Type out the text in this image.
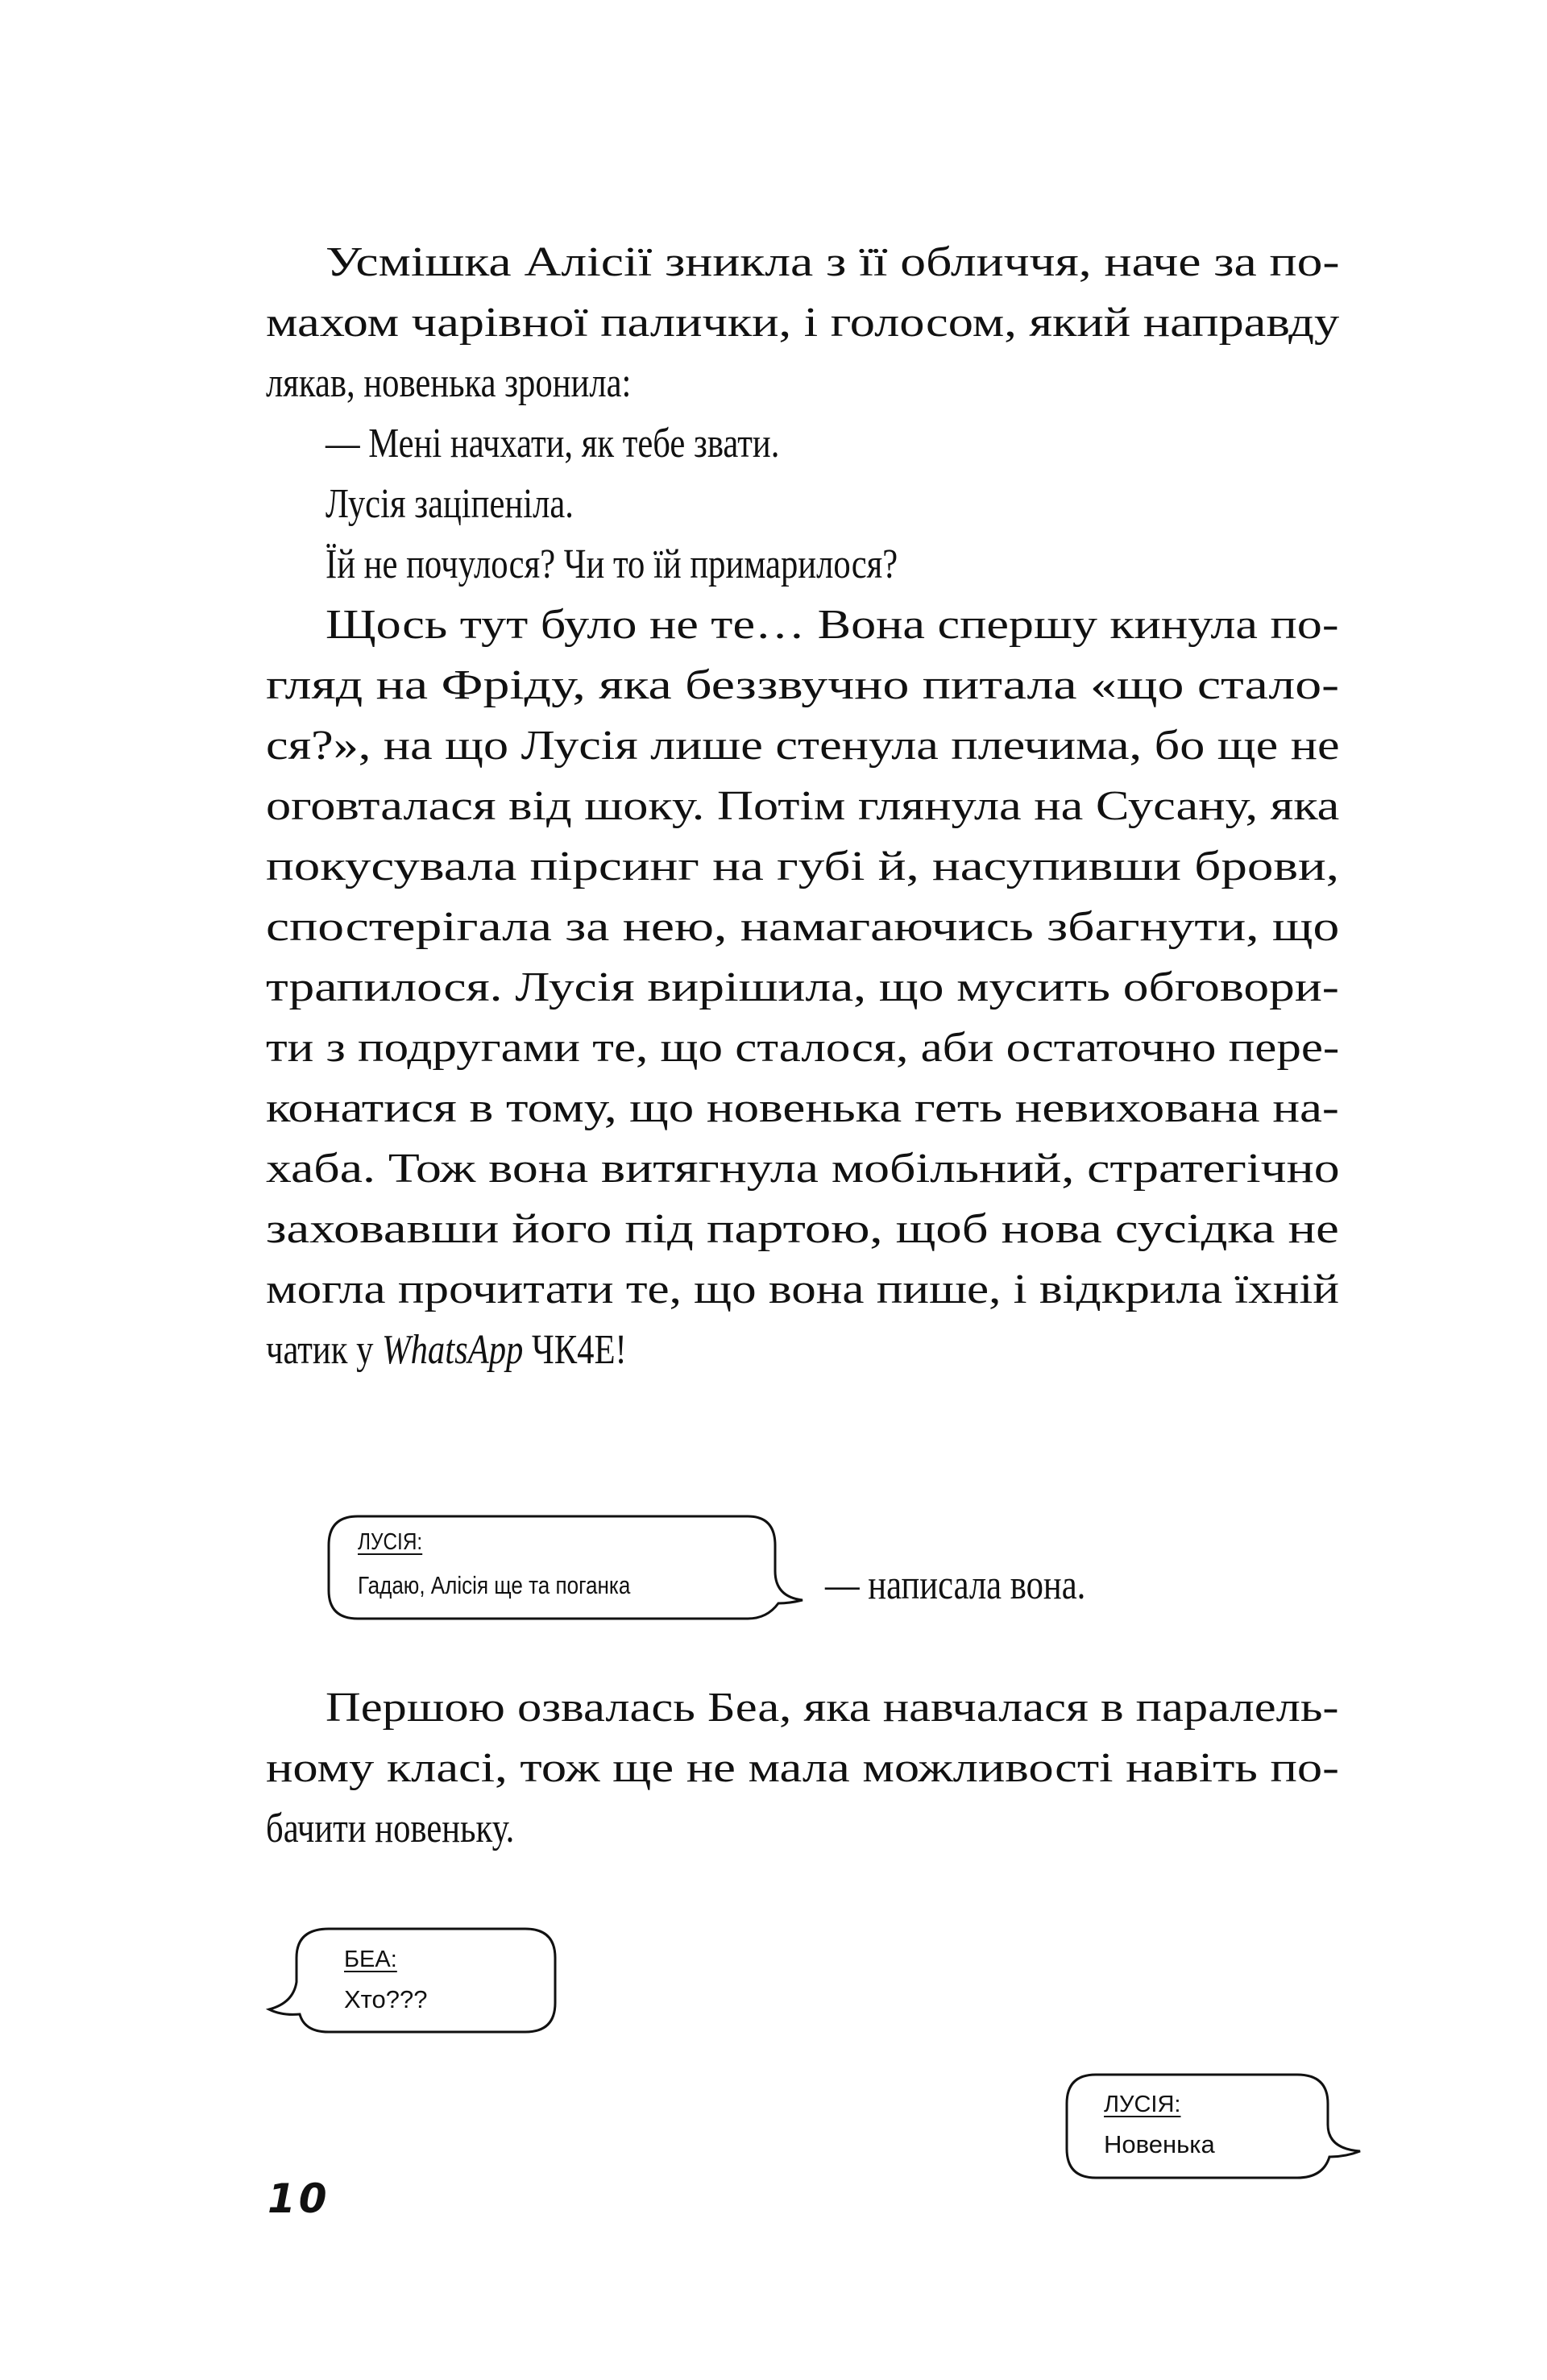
Усмішка Алісії зникла з її обличчя, наче за по-
махом чарівної палички, і голосом, який направду
лякав, новенька зронила:
— Мені начхати, як тебе звати.
Лусія заціпеніла.
Їй не почулося? Чи то їй примарилося?
Щось тут було не те… Вона спершу кинула по-
гляд на Фріду, яка беззвучно питала «що стало-
ся?», на що Лусія лише стенула плечима, бо ще не
оговталася від шоку. Потім глянула на Сусану, яка
покусувала пірсинг на губі й, насупивши брови,
спостерігала за нею, намагаючись збагнути, що
трапилося. Лусія вирішила, що мусить обговори-
ти з подругами те, що сталося, аби остаточно пере-
конатися в тому, що новенька геть невихована на-
хаба. Тож вона витягнула мобільний, стратегічно
заховавши його під партою, щоб нова сусідка не
могла прочитати те, що вона пише, і відкрила їхній
чатик у WhatsApp ЧК4Е!
ЛУСІЯ:
Гадаю, Алісія ще та поганка	— написала вона.
Першою озвалась Беа, яка навчалася в паралель-
ному класі, тож ще не мала можливості навіть по-
бачити новеньку.
БЕА:
Хто???
ЛУСІЯ:
Новенька
10
